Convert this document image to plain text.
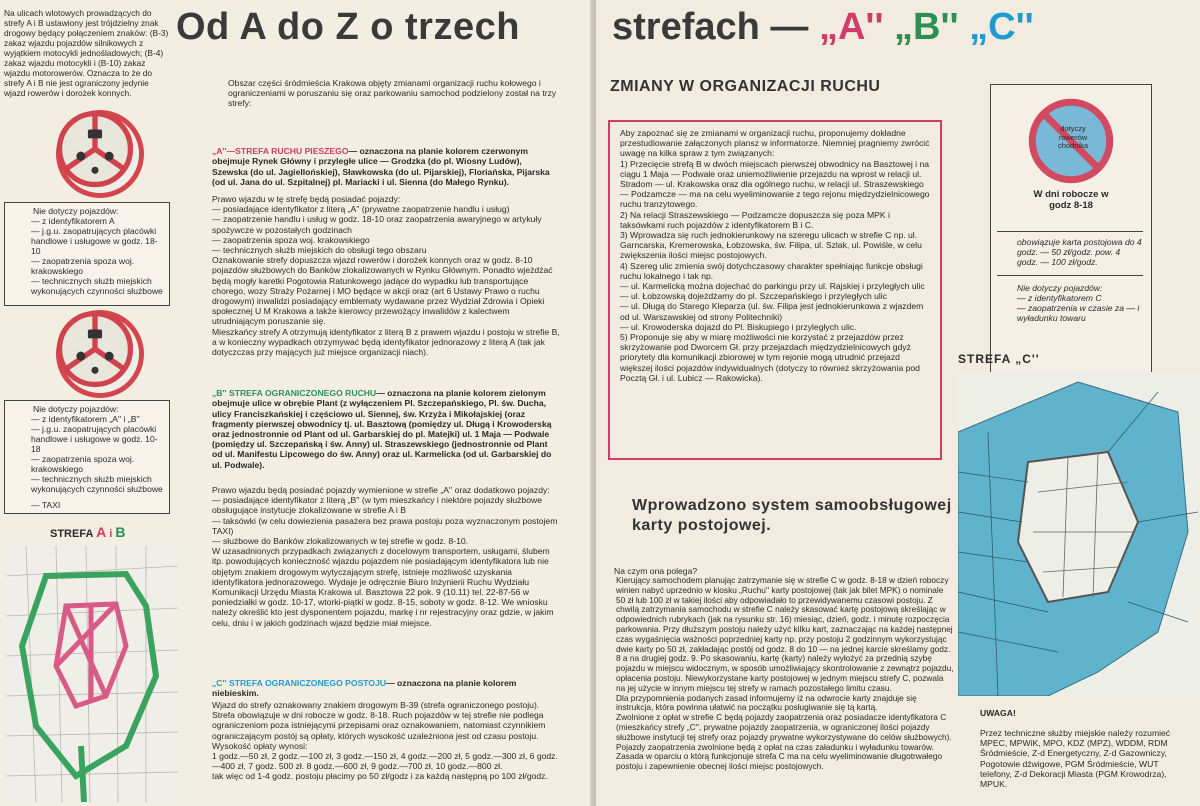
Na ulicach wlotowych prowadzących do strefy A i B ustawiony jest trójdzielny znak drogowy będący połączeniem znaków: (B-3) zakaz wjazdu pojazdów silnikowych z wyjątkiem motocykli jednośladowych; (B-4) zakaz wjazdu motocykli i (B-10) zakaz wjazdu motorowerów. Oznacza to że do strefy A i B nie jest ograniczony jedynie wjazd rowerów i dorożek konnych.
Nie dotyczy pojazdów:
— z identyfikatorem A
— j.g.u. zaopatrujących placówki handlowe i usługowe w godz. 18-10
— zaopatrzenia spoza woj. krakowskiego
— technicznych służb miejskich wykonujących czynności służbowe
Nie dotyczy pojazdów:
— z identyfikatorem „A'' i „B''
— j.g.u. zaopatrujących placówki handlowe i usługowe w godz. 10-18
— zaopatrzenia spoza woj. krakowskiego
— technicznych służb miejskich wykonujących czynności służbowe
— TAXI
STREFA A i B
Od A do Z o trzech
Obszar części śródmieścia Krakowa objęty zmianami organizacji ruchu kołowego i ograniczeniami w poruszaniu się oraz parkowaniu samochod podzielony został na trzy strefy:

„A''—STREFA RUCHU PIESZEGO— oznaczona na planie kolorem czerwonym obejmuje Rynek Główny i przyległe ulice — Grodzka (do pl. Wiosny Ludów), Szewska (do ul. Jagiellońskiej), Sławkowska (do ul. Pijarskiej), Floriańska, Pijarska (od ul. Jana do ul. Szpitalnej) pl. Mariacki i ul. Sienna (do Małego Rynku).

Prawo wjazdu w tę strefę będą posiadać pojazdy:
— posiadające identyfikator z literą „A'' (prywatne zaopatrzenie handlu i usług)
— zaopatrzenie handlu i usług w godz. 18-10 oraz zaopatrzenia awaryjnego w artykuły spożywcze w pozostałych godzinach
— zaopatrzenia spoza woj. krakowskiego
— technicznych służb miejskich do obsługi tego obszaru
Oznakowanie strefy dopuszcza wjazd rowerów i dorożek konnych oraz w godz. 8-10 pojazdów służbowych do Banków zlokalizowanych w Rynku Głównym. Ponadto wjeżdżać będą mogły karetki Pogotowia Ratunkowego jadące do wypadku lub transportujące chorego, wozy Straży Pożarnej i MO będące w akcji oraz (art 6 Ustawy Prawo o ruchu drogowym) inwalidzi posiadający emblematy wydawane przez Wydział Zdrowia i Opieki społecznej U M Krakowa a także kierowcy przewożący inwalidów z kalectwem utrudniającym poruszanie się.
Mieszkańcy strefy A otrzymują identyfikator z literą B z prawem wjazdu i postoju w strefie B, a w konieczny wypadkach otrzymywać będą identyfikator jednorazowy z literą A (tak jak dotyczczas przy mających już miejsce organizacji niach).

„B'' STREFA OGRANICZONEGO RUCHU— oznaczona na planie kolorem zielonym obejmuje ulice w obrębie Plant (z wyłączeniem Pl. Szczepańskiego, Pl. św. Ducha, ulicy Franciszkańskiej i częściowo ul. Siennej, św. Krzyża i Mikołajskiej (oraz fragmenty pierwszej obwodnicy tj. ul. Basztową (pomiędzy ul. Długą i Krowoderską oraz jednostronnie od Plant od ul. Garbarskiej do pl. Matejki) ul. 1 Maja — Podwale (pomiędzy ul. Szczepańską i św. Anny) ul. Straszewskiego (jednostronnie od Plant od ul. Manifestu Lipcowego do św. Anny) oraz ul. Karmelicka (od ul. Garbarskiej do ul. Podwale).

Prawo wjazdu będą posiadać pojazdy wymienione w strefie „A'' oraz dodatkowo pojazdy:
— posiadające identyfikator z literą „B'' (w tym mieszkańcy i niektóre pojazdy służbowe obsługujące instytucje zlokalizowane w strefie A i B
— taksówki (w celu dowiezienia pasażera bez prawa postoju poza wyznaczonym postojem TAXI)
— służbowe do Banków zlokalizowanych w tej strefie w godz. 8-10.
W uzasadnionych przypadkach związanych z docelowym transportem, usługami, ślubem itp. powodujących konieczność wjazdu pojazdem nie posiadającym identyfikatora lub nie objętym znakiem drogowym wytyczającym strefę, istnieje możliwość uzyskania identyfikatora jednorazowego. Wydaje je odręcznie Biuro Inżynierii Ruchu Wydziału Komunikacji Urzędu Miasta Krakowa ul. Basztowa 22 pok. 9 (10.11) tel. 22-87-56 w poniedziałki w godz. 10-17, wtorki-piątki w godz. 8-15, soboty w godz. 8-12. We wniosku należy określić kto jest dysponentem pojazdu, markę i nr rejestracyjny oraz gdzie, w jakim celu, dniu i w jakich godzinach wjazd będzie miał miejsce.

„C'' STREFA OGRANICZONEGO POSTOJU— oznaczona na planie kolorem niebieskim.

Wjazd do strefy oznakowany znakiem drogowym B-39 (strefa ograniczonego postoju). Strefa obowiązuje w dni robocze w godz. 8-18. Ruch pojazdów w tej strefie nie podlega ograniczeniom poza istniejącymi przepisami oraz oznakowaniem, natomiast czynnikiem ograniczającym postój są opłaty, których wysokość uzależniona jest od czasu postoju. Wysokość opłaty wynosi:
1 godz.—50 zł, 2 godz.—100 zł, 3 godz.—150 zł, 4 godz.—200 zł, 5 godz.—300 zł, 6 godz.—400 zł, 7 godz. 500 zł. 8 godz.—600 zł, 9 godz.—700 zł, 10 godz.—800 zł.
tak więc od 1-4 godz. postoju płacimy po 50 zł/godz i za każdą następną po 100 zł/godz.
strefach — „A'' „B'' „C''
ZMIANY W ORGANIZACJI RUCHU
Aby zapoznać się ze zmianami w organizacji ruchu, proponujemy dokładne przestudiowanie załączonych plansz w informatorze. Niemniej pragniemy zwrócić uwagę na kilka spraw z tym związanych:
1) Przecięcie strefą B w dwóch miejscach pierwszej obwodnicy na Basztowej i na ciągu 1 Maja — Podwale oraz uniemożliwienie przejazdu na wprost w relacji ul. Stradom — ul. Krakowska oraz dla ogólnego ruchu, w relacji ul. Straszewskiego — Podzamcze — ma na celu wyeliminowanie z tego rejonu międzydzielnicowego ruchu tranzytowego.
2) Na relacji Straszewskiego — Podzamcze dopuszcza się poza MPK i taksówkami ruch pojazdów z identyfikatorem B i C.
3) Wprowadza się ruch jednokierunkowy na szeregu ulicach w strefie C np. ul. Garncarska, Kremerowska, Łobzowska, św. Filipa, ul. Szlak, ul. Powiśle, w celu zwiększenia ilości miejsc postojowych.
4) Szereg ulic zmienia swój dotychczasowy charakter spełniając funkcje obsługi ruchu lokalnego i tak np.
— ul. Karmelicką można dojechać do parkingu przy ul. Rajskiej i przyległych ulic
— ul. Łobzowską dojeżdżamy do pl. Szczepańskiego i przyległych ulic
— ul. Długą do Starego Kleparza (ul. św. Filipa jest jednokierunkowa z wjazdem od ul. Warszawskiej od strony Politechniki)
— ul. Krowoderska dojazd do Pl. Biskupiego i przyległych ulic.
5) Proponuje się aby w miarę możliwości nie korzystać z przejazdów przez skrzyżowanie pod Dworcem Gł. przy przejazdach międzydzielnicowych gdyż priorytety dla komunikacji zbiorowej w tym rejonie mogą utrudnić przejazd większej ilości pojazdów indywidualnych (dotyczy to również skrzyżowania pod Pocztą Gł. i ul. Lubicz — Rakowicka).
dotyczy rowerów chodnika
W dni robocze w godz 8-18
obowiązuje karta postojowa do 4 godz. — 50 zł/godz. pow. 4 godz. — 100 zł/godz.
Nie dotyczy pojazdów:
— z identyfikatorem C
— zaopatrzenia w czasie za — i wyładunku towaru
STREFA „C''
Wprowadzono system samoobsługowej karty postojowej.
Na czym ona polega?
Kierujący samochodem planując zatrzymanie się w strefie C w godz. 8-18 w dzień roboczy winien nabyć uprzednio w kiosku „Ruchu'' karty postojowej (tak jak bilet MPK) o nominale 50 zł lub 100 zł w takiej ilości aby odpowiadało to przewidywanemu czasowi postoju. Z chwilą zatrzymania samochodu w strefie C należy skasować kartę postojową skreślając w odpowiednich rubrykach (jak na rysunku str. 16) miesiąc, dzień, godz. i minutę rozpoczęcia parkowania. Przy dłuższym postoju należy użyć kilku kart, zaznaczając na każdej następnej czas wygaśnięcia ważności poprzedniej karty np. przy postoju 2 godzinnym wykorzystując dwie karty po 50 zł, zakładając postój od godz. 8 do 10 — na jednej karcie skreślamy godz. 8 a na drugiej godz. 9. Po skasowaniu, kartę (karty) należy wyłożyć za przednią szybę pojazdu w miejscu widocznym, w sposób umożliwiający skontrolowanie z zewnątrz pojazdu, opłacenia postoju. Niewykorzystane karty postojowej w jednym miejscu strefy C, pozwala na jej użycie w innym miejscu tej strefy w ramach pozostałego limitu czasu.
Dla przypomnienia podanych zasad informujemy iż na odwrocie karty znajduje się instrukcja, która powinna ułatwić na początku posługiwanie się tą kartą.
Zwolnione z opłat w strefie C będą pojazdy zaopatrzenia oraz posiadacze identyfikatora C (mieszkańcy strefy „C'', prywatne pojazdy zaopatrzenia, w ograniczonej ilości pojazdy służbowe instytucji tej strefy oraz pojazdy prywatne wykorzystywane do celów służbowych). Pojazdy zaopatrzenia zwolnione będą z opłat na czas załadunku i wyładunku towarów.
Zasada w oparciu o którą funkcjonuje strefa C ma na celu wyeliminowanie długotrwałego postoju i zapewnienie obecnej ilości miejsc postojowych.
UWAGA!
Przez techniczne służby miejskie należy rozumieć MPEC, MPWiK, MPO, KDZ (MPZ), WDDM, RDM Śródmieście, Z-d Energetyczny, Z-d Gazowniczy, Pogotowie dźwigowe, PGM Śródmieście, WUT telefony, Z-d Dekoracji Miasta (PGM Krowodrza), MPUK.
